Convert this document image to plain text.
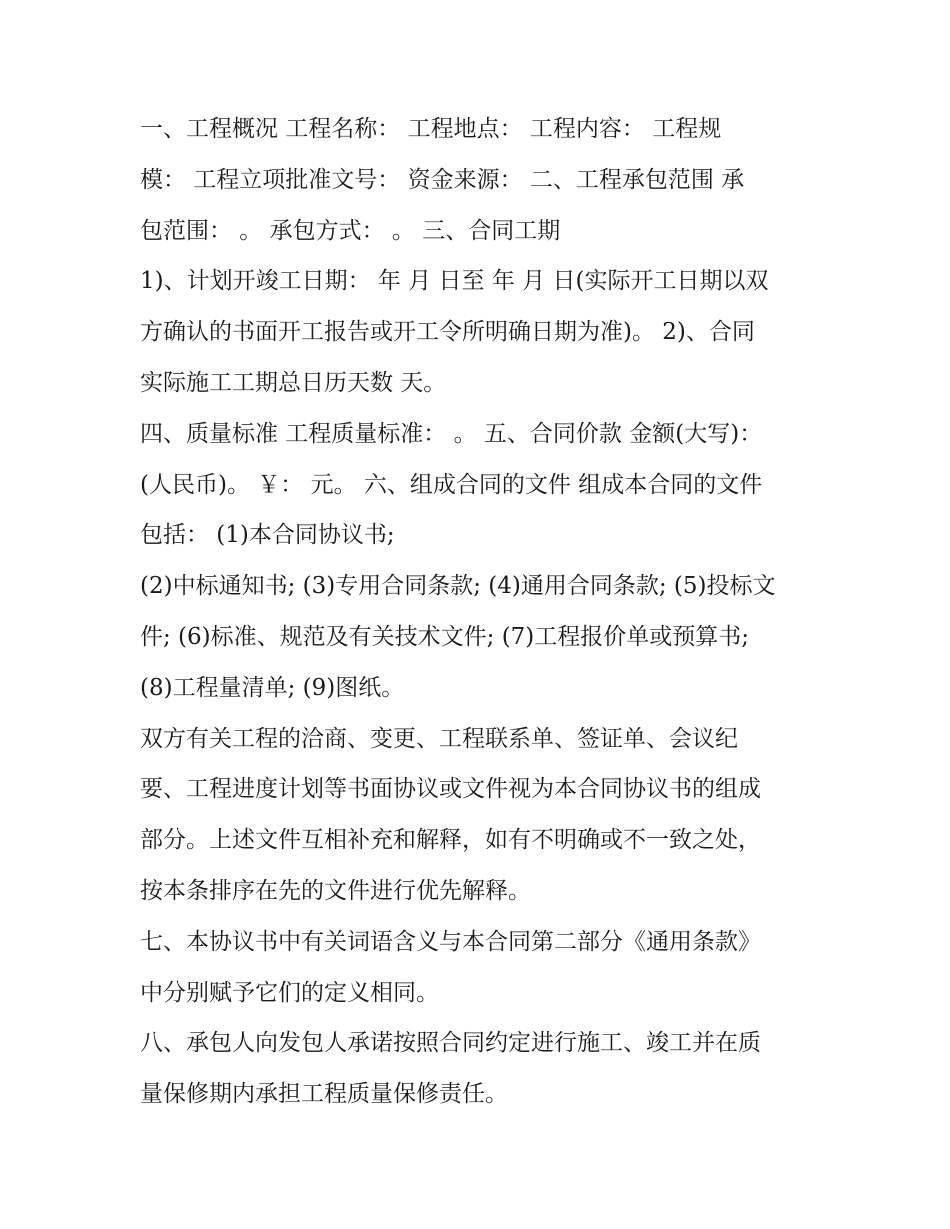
一、工程概况 工程名称： 工程地点： 工程内容： 工程规
模： 工程立项批准文号： 资金来源： 二、工程承包范围 承
包范围： 。 承包方式： 。 三、合同工期
1)、计划开竣工日期： 年 月 日至 年 月 日(实际开工日期以双
方确认的书面开工报告或开工令所明确日期为准)。 2)、合同
实际施工工期总日历天数 天。
四、质量标准 工程质量标准： 。 五、合同价款 金额(大写)：
(人民币)。 ￥： 元。 六、组成合同的文件 组成本合同的文件
包括： (1)本合同协议书;
(2)中标通知书; (3)专用合同条款; (4)通用合同条款; (5)投标文
件; (6)标准、规范及有关技术文件; (7)工程报价单或预算书;
(8)工程量清单; (9)图纸。
双方有关工程的洽商、变更、工程联系单、签证单、会议纪
要、工程进度计划等书面协议或文件视为本合同协议书的组成
部分。上述文件互相补充和解释，如有不明确或不一致之处，
按本条排序在先的文件进行优先解释。
七、本协议书中有关词语含义与本合同第二部分《通用条款》
中分别赋予它们的定义相同。
八、承包人向发包人承诺按照合同约定进行施工、竣工并在质
量保修期内承担工程质量保修责任。
